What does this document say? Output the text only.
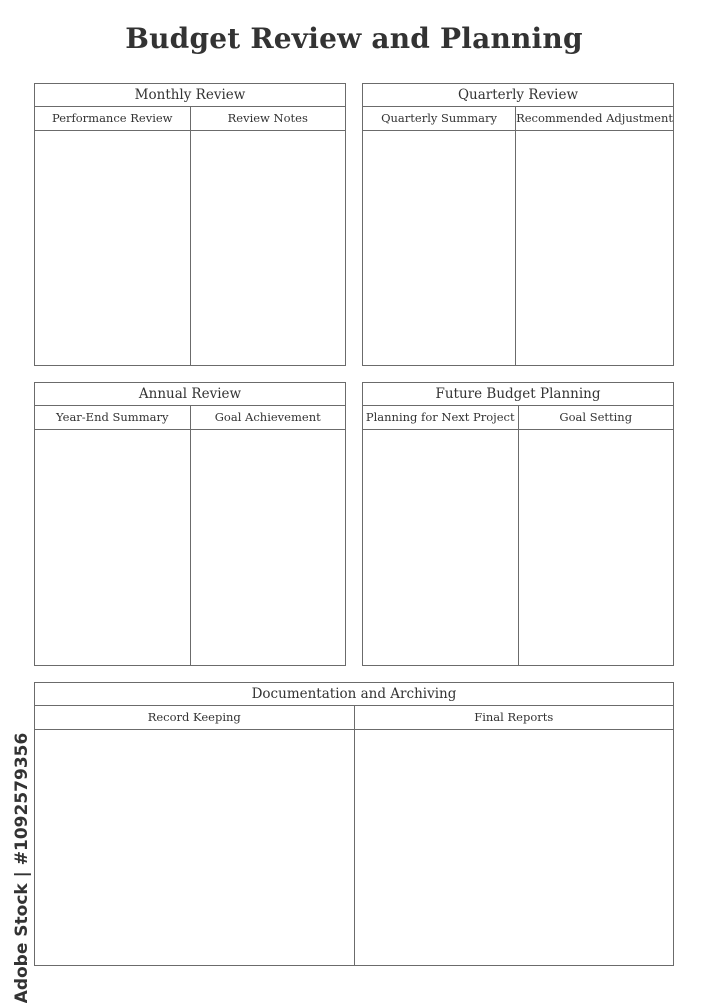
Budget Review and Planning
Monthly Review
Performance Review	Review Notes
Quarterly Review
Quarterly Summary	Recommended Adjustment
Annual Review
Year-End Summary	Goal Achievement
Future Budget Planning
Planning for Next Project	Goal Setting
Documentation and Archiving
Record Keeping	Final Reports
Adobe Stock | #1092579356
